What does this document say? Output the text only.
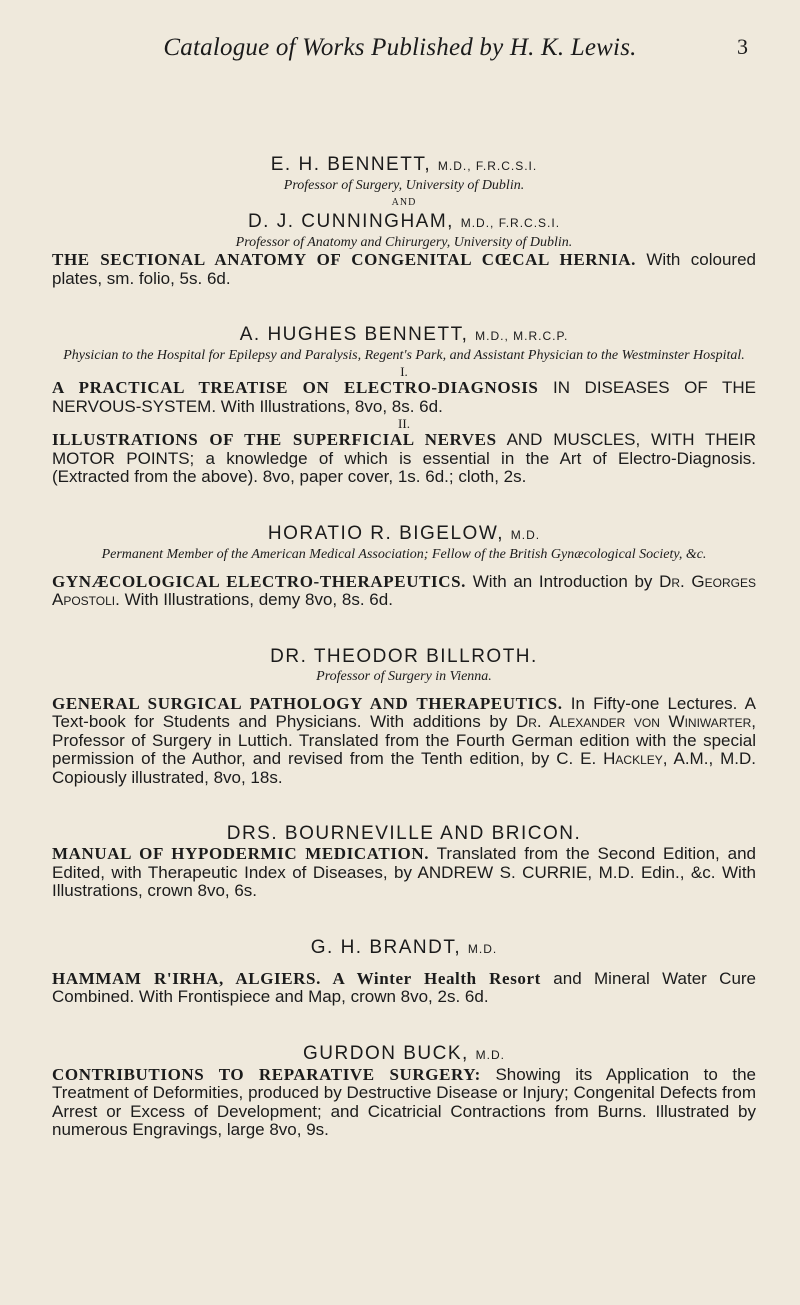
Catalogue of Works Published by H. K. Lewis.	3
E. H. BENNETT, M.D., F.R.C.S.I.
Professor of Surgery, University of Dublin.
AND
D. J. CUNNINGHAM, M.D., F.R.C.S.I.
Professor of Anatomy and Chirurgery, University of Dublin.
THE SECTIONAL ANATOMY OF CONGENITAL CŒCAL HERNIA. With coloured plates, sm. folio, 5s. 6d.
A. HUGHES BENNETT, M.D., M.R.C.P.
Physician to the Hospital for Epilepsy and Paralysis, Regent's Park, and Assistant Physician to the Westminster Hospital.
I.
A PRACTICAL TREATISE ON ELECTRO-DIAGNOSIS IN DISEASES OF THE NERVOUS-SYSTEM. With Illustrations, 8vo, 8s. 6d.
II.
ILLUSTRATIONS OF THE SUPERFICIAL NERVES AND MUSCLES, WITH THEIR MOTOR POINTS; a knowledge of which is essential in the Art of Electro-Diagnosis. (Extracted from the above). 8vo, paper cover, 1s. 6d.; cloth, 2s.
HORATIO R. BIGELOW, M.D.
Permanent Member of the American Medical Association; Fellow of the British Gynæcological Society, &c.
GYNÆCOLOGICAL ELECTRO-THERAPEUTICS. With an Introduction by Dr. Georges Apostoli. With Illustrations, demy 8vo, 8s. 6d.
DR. THEODOR BILLROTH.
Professor of Surgery in Vienna.
GENERAL SURGICAL PATHOLOGY AND THERAPEUTICS. In Fifty-one Lectures. A Text-book for Students and Physicians. With additions by Dr. Alexander von Winiwarter, Professor of Surgery in Luttich. Translated from the Fourth German edition with the special permission of the Author, and revised from the Tenth edition, by C. E. Hackley, A.M., M.D. Copiously illustrated, 8vo, 18s.
DRS. BOURNEVILLE AND BRICON.
MANUAL OF HYPODERMIC MEDICATION. Translated from the Second Edition, and Edited, with Therapeutic Index of Diseases, by ANDREW S. CURRIE, M.D. Edin., &c. With Illustrations, crown 8vo, 6s.
G. H. BRANDT, M.D.
HAMMAM R'IRHA, ALGIERS. A Winter Health Resort and Mineral Water Cure Combined. With Frontispiece and Map, crown 8vo, 2s. 6d.
GURDON BUCK, M.D.
CONTRIBUTIONS TO REPARATIVE SURGERY: Showing its Application to the Treatment of Deformities, produced by Destructive Disease or Injury; Congenital Defects from Arrest or Excess of Development; and Cicatricial Contractions from Burns. Illustrated by numerous Engravings, large 8vo, 9s.
